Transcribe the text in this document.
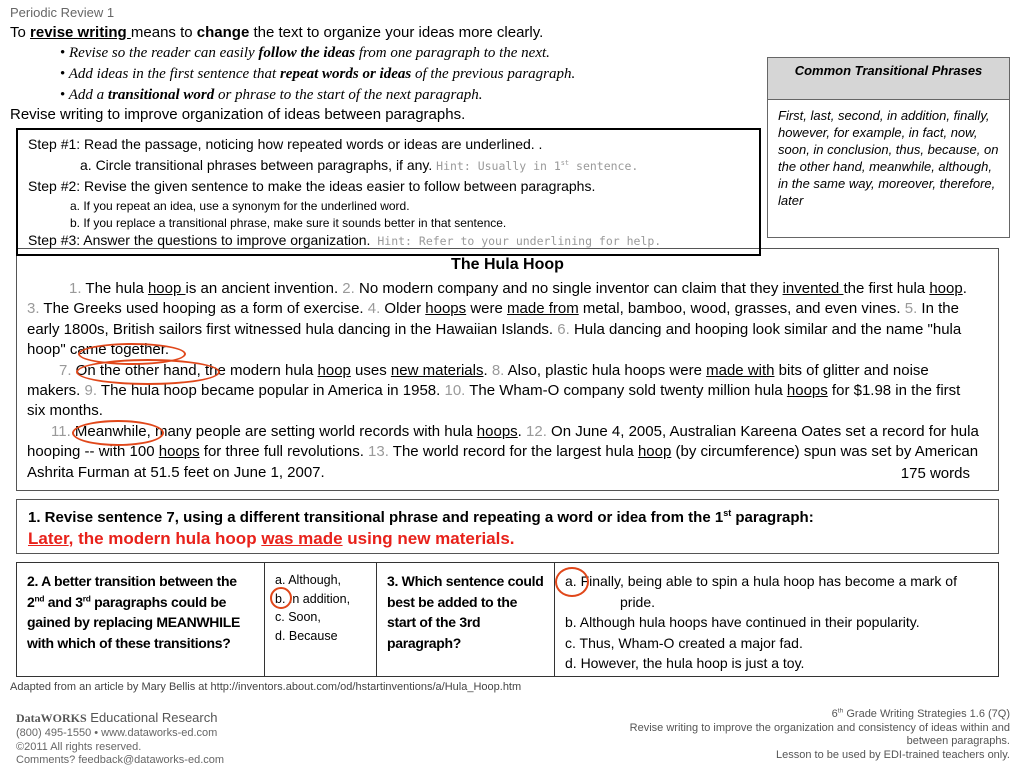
Periodic Review 1
To revise writing means to change the text to organize your ideas more clearly.
• Revise so the reader can easily follow the ideas from one paragraph to the next.
• Add ideas in the first sentence that repeat words or ideas of the previous paragraph.
• Add a transitional word or phrase to the start of the next paragraph.
Revise writing to improve organization of ideas between paragraphs.
Common Transitional Phrases
First, last, second, in addition, finally, however, for example, in fact, now, soon, in conclusion, thus, because, on the other hand, meanwhile, although, in the same way, moreover, therefore, later
Step #1: Read the passage, noticing how repeated words or ideas are underlined. .
a. Circle transitional phrases between paragraphs, if any. Hint: Usually in 1st sentence.
Step #2: Revise the given sentence to make the ideas easier to follow between paragraphs.
a. If you repeat an idea, use a synonym for the underlined word.
b. If you replace a transitional phrase, make sure it sounds better in that sentence.
Step #3: Answer the questions to improve organization. Hint: Refer to your underlining for help.
The Hula Hoop
1. The hula hoop is an ancient invention. 2. No modern company and no single inventor can claim that they invented the first hula hoop. 3. The Greeks used hooping as a form of exercise. 4. Older hoops were made from metal, bamboo, wood, grasses, and even vines. 5. In the early 1800s, British sailors first witnessed hula dancing in the Hawaiian Islands. 6. Hula dancing and hooping look similar and the name "hula hoop" came together.
7. On the other hand, the modern hula hoop uses new materials. 8. Also, plastic hula hoops were made with bits of glitter and noise makers. 9. The hula hoop became popular in America in 1958. 10. The Wham-O company sold twenty million hula hoops for $1.98 in the first six months.
11. Meanwhile, many people are setting world records with hula hoops. 12. On June 4, 2005, Australian Kareena Oates set a record for hula hooping -- with 100 hoops for three full revolutions. 13. The world record for the largest hula hoop (by circumference) spun was set by American Ashrita Furman at 51.5 feet on June 1, 2007.	175 words
1. Revise sentence 7, using a different transitional phrase and repeating a word or idea from the 1st paragraph:
Later, the modern hula hoop was made using new materials.
2. A better transition between the 2nd and 3rd paragraphs could be gained by replacing MEANWHILE with which of these transitions?
a. Although,
b. In addition,
c. Soon,
d. Because
3. Which sentence could best be added to the start of the 3rd paragraph?
a. Finally, being able to spin a hula hoop has become a mark of
pride.
b. Although hula hoops have continued in their popularity.
c. Thus, Wham-O created a major fad.
d. However, the hula hoop is just a toy.
Adapted from an article by Mary Bellis at http://inventors.about.com/od/hstartinventions/a/Hula_Hoop.htm
DataWORKS Educational Research
(800) 495-1550 • www.dataworks-ed.com
©2011 All rights reserved.
Comments? feedback@dataworks-ed.com
6th Grade Writing Strategies 1.6 (7Q)
Revise writing to improve the organization and consistency of ideas within and
between paragraphs.
Lesson to be used by EDI-trained teachers only.
